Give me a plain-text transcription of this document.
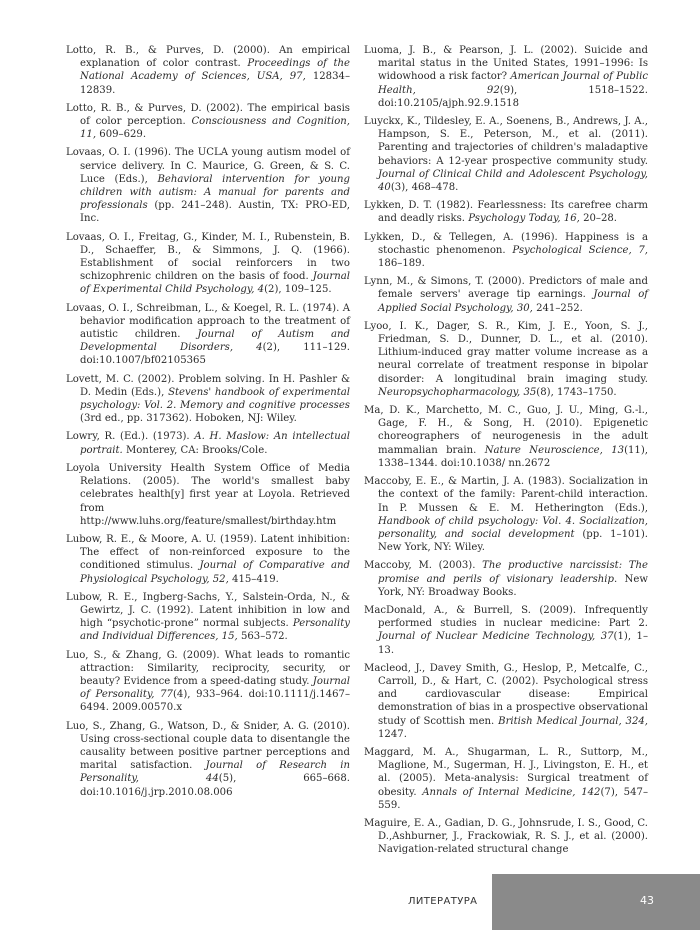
Lotto, R. B., & Purves, D. (2000). An empirical explanation of color contrast. Proceedings of the National Academy of Sciences, USA, 97, 12834–12839.

Lotto, R. B., & Purves, D. (2002). The empirical basis of color perception. Consciousness and Cognition, 11, 609–629.

Lovaas, O. I. (1996). The UCLA young autism model of service delivery. In C. Maurice, G. Green, & S. C. Luce (Eds.), Behavioral intervention for young children with autism: A manual for parents and professionals (pp. 241–248). Austin, TX: PRO-ED, Inc.

Lovaas, O. I., Freitag, G., Kinder, M. I., Rubenstein, B. D., Schaeffer, B., & Simmons, J. Q. (1966). Establishment of social reinforcers in two schizophrenic children on the basis of food. Journal of Experimental Child Psychology, 4(2), 109–125.

Lovaas, O. I., Schreibman, L., & Koegel, R. L. (1974). A behavior modification approach to the treatment of autistic children. Journal of Autism and Developmental Disorders, 4(2), 111–129. doi:10.1007/bf02105365

Lovett, M. C. (2002). Problem solving. In H. Pashler & D. Medin (Eds.), Stevens' handbook of experimental psychology: Vol. 2. Memory and cognitive processes (3rd ed., pp. 317362). Hoboken, NJ: Wiley.

Lowry, R. (Ed.). (1973). A. H. Maslow: An intellectual portrait. Monterey, CA: Brooks/Cole.

Loyola University Health System Office of Media Relations. (2005). The world's smallest baby celebrates health[y] first year at Loyola. Retrieved from http://www.luhs.org/feature/smallest/birthday.htm

Lubow, R. E., & Moore, A. U. (1959). Latent inhibition: The effect of non-reinforced exposure to the conditioned stimulus. Journal of Comparative and Physiological Psychology, 52, 415–419.

Lubow, R. E., Ingberg-Sachs, Y., Salstein-Orda, N., & Gewirtz, J. C. (1992). Latent inhibition in low and high “psychotic-prone” normal subjects. Personality and Individual Differences, 15, 563–572.

Luo, S., & Zhang, G. (2009). What leads to romantic attraction: Similarity, reciprocity, security, or beauty? Evidence from a speed-dating study. Journal of Personality, 77(4), 933–964. doi:10.1111/j.1467–6494. 2009.00570.x

Luo, S., Zhang, G., Watson, D., & Snider, A. G. (2010). Using cross-sectional couple data to disentangle the causality between positive partner perceptions and marital satisfaction. Journal of Research in Personality, 44(5), 665–668. doi:10.1016/j.jrp.2010.08.006

Luoma, J. B., & Pearson, J. L. (2002). Suicide and marital status in the United States, 1991–1996: Is widowhood a risk factor? American Journal of Public Health, 92(9), 1518–1522. doi:10.2105/ajph.92.9.1518

Luyckx, K., Tildesley, E. A., Soenens, B., Andrews, J. A., Hampson, S. E., Peterson, M., et al. (2011). Parenting and trajectories of children's maladaptive behaviors: A 12-year prospective community study. Journal of Clinical Child and Adolescent Psychology, 40(3), 468–478.

Lykken, D. T. (1982). Fearlessness: Its carefree charm and deadly risks. Psychology Today, 16, 20–28.

Lykken, D., & Tellegen, A. (1996). Happiness is a stochastic phenomenon. Psychological Science, 7, 186–189.

Lynn, M., & Simons, T. (2000). Predictors of male and female servers' average tip earnings. Journal of Applied Social Psychology, 30, 241–252.

Lyoo, I. K., Dager, S. R., Kim, J. E., Yoon, S. J., Friedman, S. D., Dunner, D. L., et al. (2010). Lithium-induced gray matter volume increase as a neural correlate of treatment response in bipolar disorder: A longitudinal brain imaging study. Neuropsychopharmacology, 35(8), 1743–1750.

Ma, D. K., Marchetto, M. C., Guo, J. U., Ming, G.-l., Gage, F. H., & Song, H. (2010). Epigenetic choreographers of neurogenesis in the adult mammalian brain. Nature Neuroscience, 13(11), 1338–1344. doi:10.1038/ nn.2672

Maccoby, E. E., & Martin, J. A. (1983). Socialization in the context of the family: Parent-child interaction. In P. Mussen & E. M. Hetherington (Eds.), Handbook of child psychology: Vol. 4. Socialization, personality, and social development (pp. 1–101). New York, NY: Wiley.

Maccoby, M. (2003). The productive narcissist: The promise and perils of visionary leadership. New York, NY: Broadway Books.

MacDonald, A., & Burrell, S. (2009). Infrequently performed studies in nuclear medicine: Part 2. Journal of Nuclear Medicine Technology, 37(1), 1–13.

Macleod, J., Davey Smith, G., Heslop, P., Metcalfe, C., Carroll, D., & Hart, C. (2002). Psychological stress and cardiovascular disease: Empirical demonstration of bias in a prospective observational study of Scottish men. British Medical Journal, 324, 1247.

Maggard, M. A., Shugarman, L. R., Suttorp, M., Maglione, M., Sugerman, H. J., Livingston, E. H., et al. (2005). Meta-analysis: Surgical treatment of obesity. Annals of Internal Medicine, 142(7), 547–559.

Maguire, E. A., Gadian, D. G., Johnsrude, I. S., Good, C. D.,Ashburner, J., Frackowiak, R. S. J., et al. (2000). Navigation-related structural change

ЛИТЕРАТУРА	43
